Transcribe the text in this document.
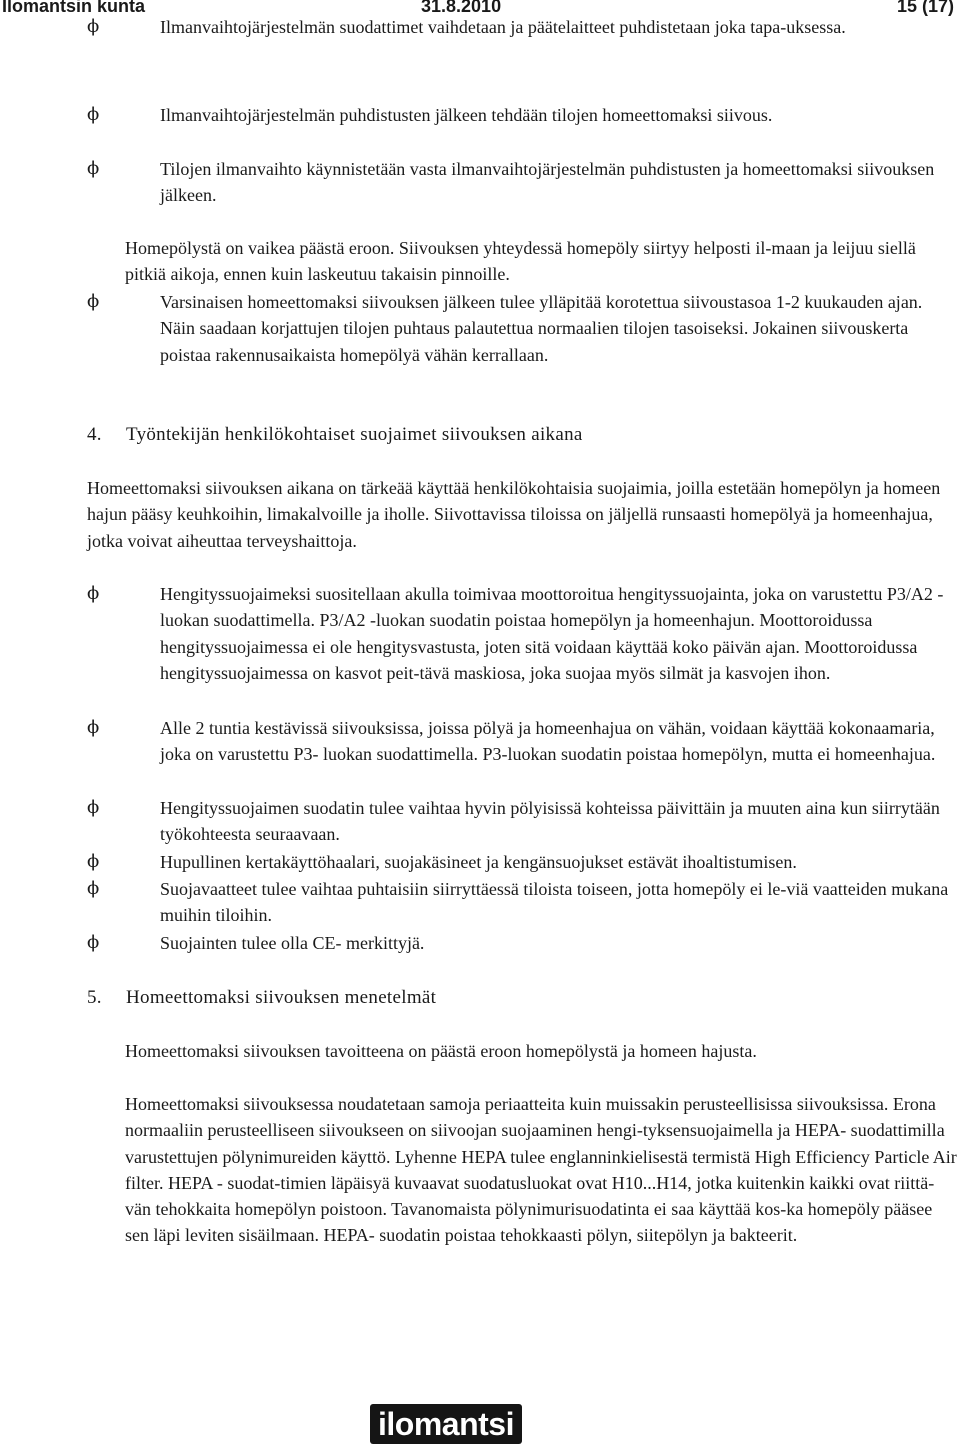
Ilomantsin kunta	31.8.2010	15 (17)
ϕ	Ilmanvaihtojärjestelmän suodattimet vaihdetaan ja päätelaitteet puhdistetaan joka tapa-uksessa.

ϕ	Ilmanvaihtojärjestelmän puhdistusten jälkeen tehdään tilojen homeettomaksi siivous.

ϕ	Tilojen ilmanvaihto käynnistetään vasta ilmanvaihtojärjestelmän puhdistusten ja homeettomaksi siivouksen jälkeen.

Homepölystä on vaikea päästä eroon. Siivouksen yhteydessä homepöly siirtyy helposti il-maan ja leijuu siellä pitkiä aikoja, ennen kuin laskeutuu takaisin pinnoille.

ϕ	Varsinaisen homeettomaksi siivouksen jälkeen tulee ylläpitää korotettua siivoustasoa 1-2 kuukauden ajan. Näin saadaan korjattujen tilojen puhtaus palautettua normaalien tilojen tasoiseksi. Jokainen siivouskerta poistaa rakennusaikaista homepölyä vähän kerrallaan.

4. Työntekijän henkilökohtaiset suojaimet siivouksen aikana

Homeettomaksi siivouksen aikana on tärkeää käyttää henkilökohtaisia suojaimia, joilla estetään homepölyn ja homeen hajun pääsy keuhkoihin, limakalvoille ja iholle. Siivottavissa tiloissa on jäljellä runsaasti homepölyä ja homeenhajua, jotka voivat aiheuttaa terveyshaittoja.

ϕ	Hengityssuojaimeksi suositellaan akulla toimivaa moottoroitua hengityssuojainta, joka on varustettu P3/A2 -luokan suodattimella. P3/A2 -luokan suodatin poistaa homepölyn ja homeenhajun. Moottoroidussa hengityssuojaimessa ei ole hengitysvastusta, joten sitä voidaan käyttää koko päivän ajan. Moottoroidussa hengityssuojaimessa on kasvot peit-tävä maskiosa, joka suojaa myös silmät ja kasvojen ihon.

ϕ	Alle 2 tuntia kestävissä siivouksissa, joissa pölyä ja homeenhajua on vähän, voidaan käyttää kokonaamaria, joka on varustettu P3- luokan suodattimella. P3-luokan suodatin poistaa homepölyn, mutta ei homeenhajua.

ϕ	Hengityssuojaimen suodatin tulee vaihtaa hyvin pölyisissä kohteissa päivittäin ja muuten aina kun siirrytään työkohteesta seuraavaan.

ϕ	Hupullinen kertakäyttöhaalari, suojakäsineet ja kengänsuojukset estävät ihoaltistumisen.

ϕ	Suojavaatteet tulee vaihtaa puhtaisiin siirryttäessä tiloista toiseen, jotta homepöly ei le-viä vaatteiden mukana muihin tiloihin.

ϕ	Suojainten tulee olla CE- merkittyjä.

5. Homeettomaksi siivouksen menetelmät

Homeettomaksi siivouksen tavoitteena on päästä eroon homepölystä ja homeen hajusta.

Homeettomaksi siivouksessa noudatetaan samoja periaatteita kuin muissakin perusteellisissa siivouksissa. Erona normaaliin perusteelliseen siivoukseen on siivoojan suojaaminen hengi-tyksensuojaimella ja HEPA- suodattimilla varustettujen pölynimureiden käyttö. Lyhenne HEPA tulee englanninkielisestä termistä High Efficiency Particle Air filter. HEPA - suodat-timien läpäisyä kuvaavat suodatusluokat ovat H10...H14, jotka kuitenkin kaikki ovat riittä-vän tehokkaita homepölyn poistoon. Tavanomaista pölynimurisuodatinta ei saa käyttää kos-ka homepöly pääsee sen läpi leviten sisäilmaan. HEPA- suodatin poistaa tehokkaasti pölyn, siitepölyn ja bakteerit.

ilomantsi
